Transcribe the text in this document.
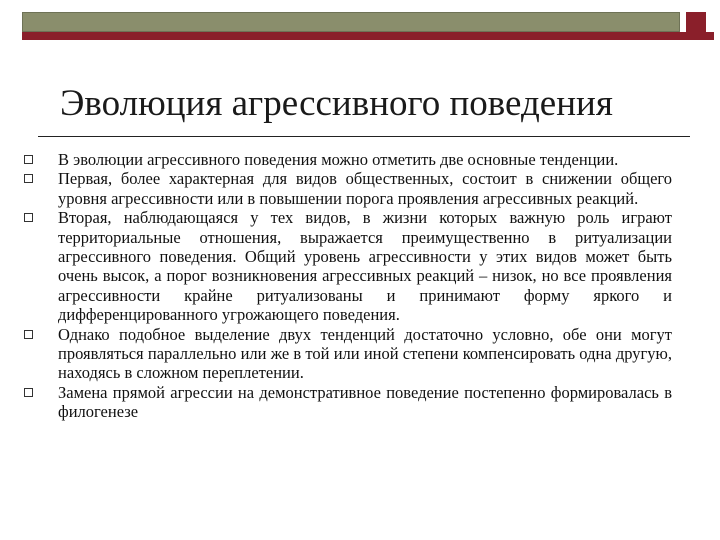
Эволюция агрессивного поведения
В эволюции агрессивного поведения можно отметить две основные тенденции.
Первая, более характерная для видов общественных, состоит в снижении общего уровня агрессивности или в повышении порога проявления агрессивных реакций.
Вторая, наблюдающаяся у тех видов, в жизни которых важную роль играют территориальные отношения, выражается преимущественно в ритуализации агрессивного поведения. Общий уровень агрессивности у этих видов может быть очень высок, а порог возникновения агрессивных реакций – низок, но все проявления агрессивности крайне ритуализованы и принимают форму яркого и дифференцированного угрожающего поведения.
Однако подобное выделение двух тенденций достаточно условно, обе они могут проявляться параллельно или же в той или иной степени компенсировать одна другую, находясь в сложном переплетении.
Замена прямой агрессии на демонстративное поведение постепенно формировалась в филогенезе
